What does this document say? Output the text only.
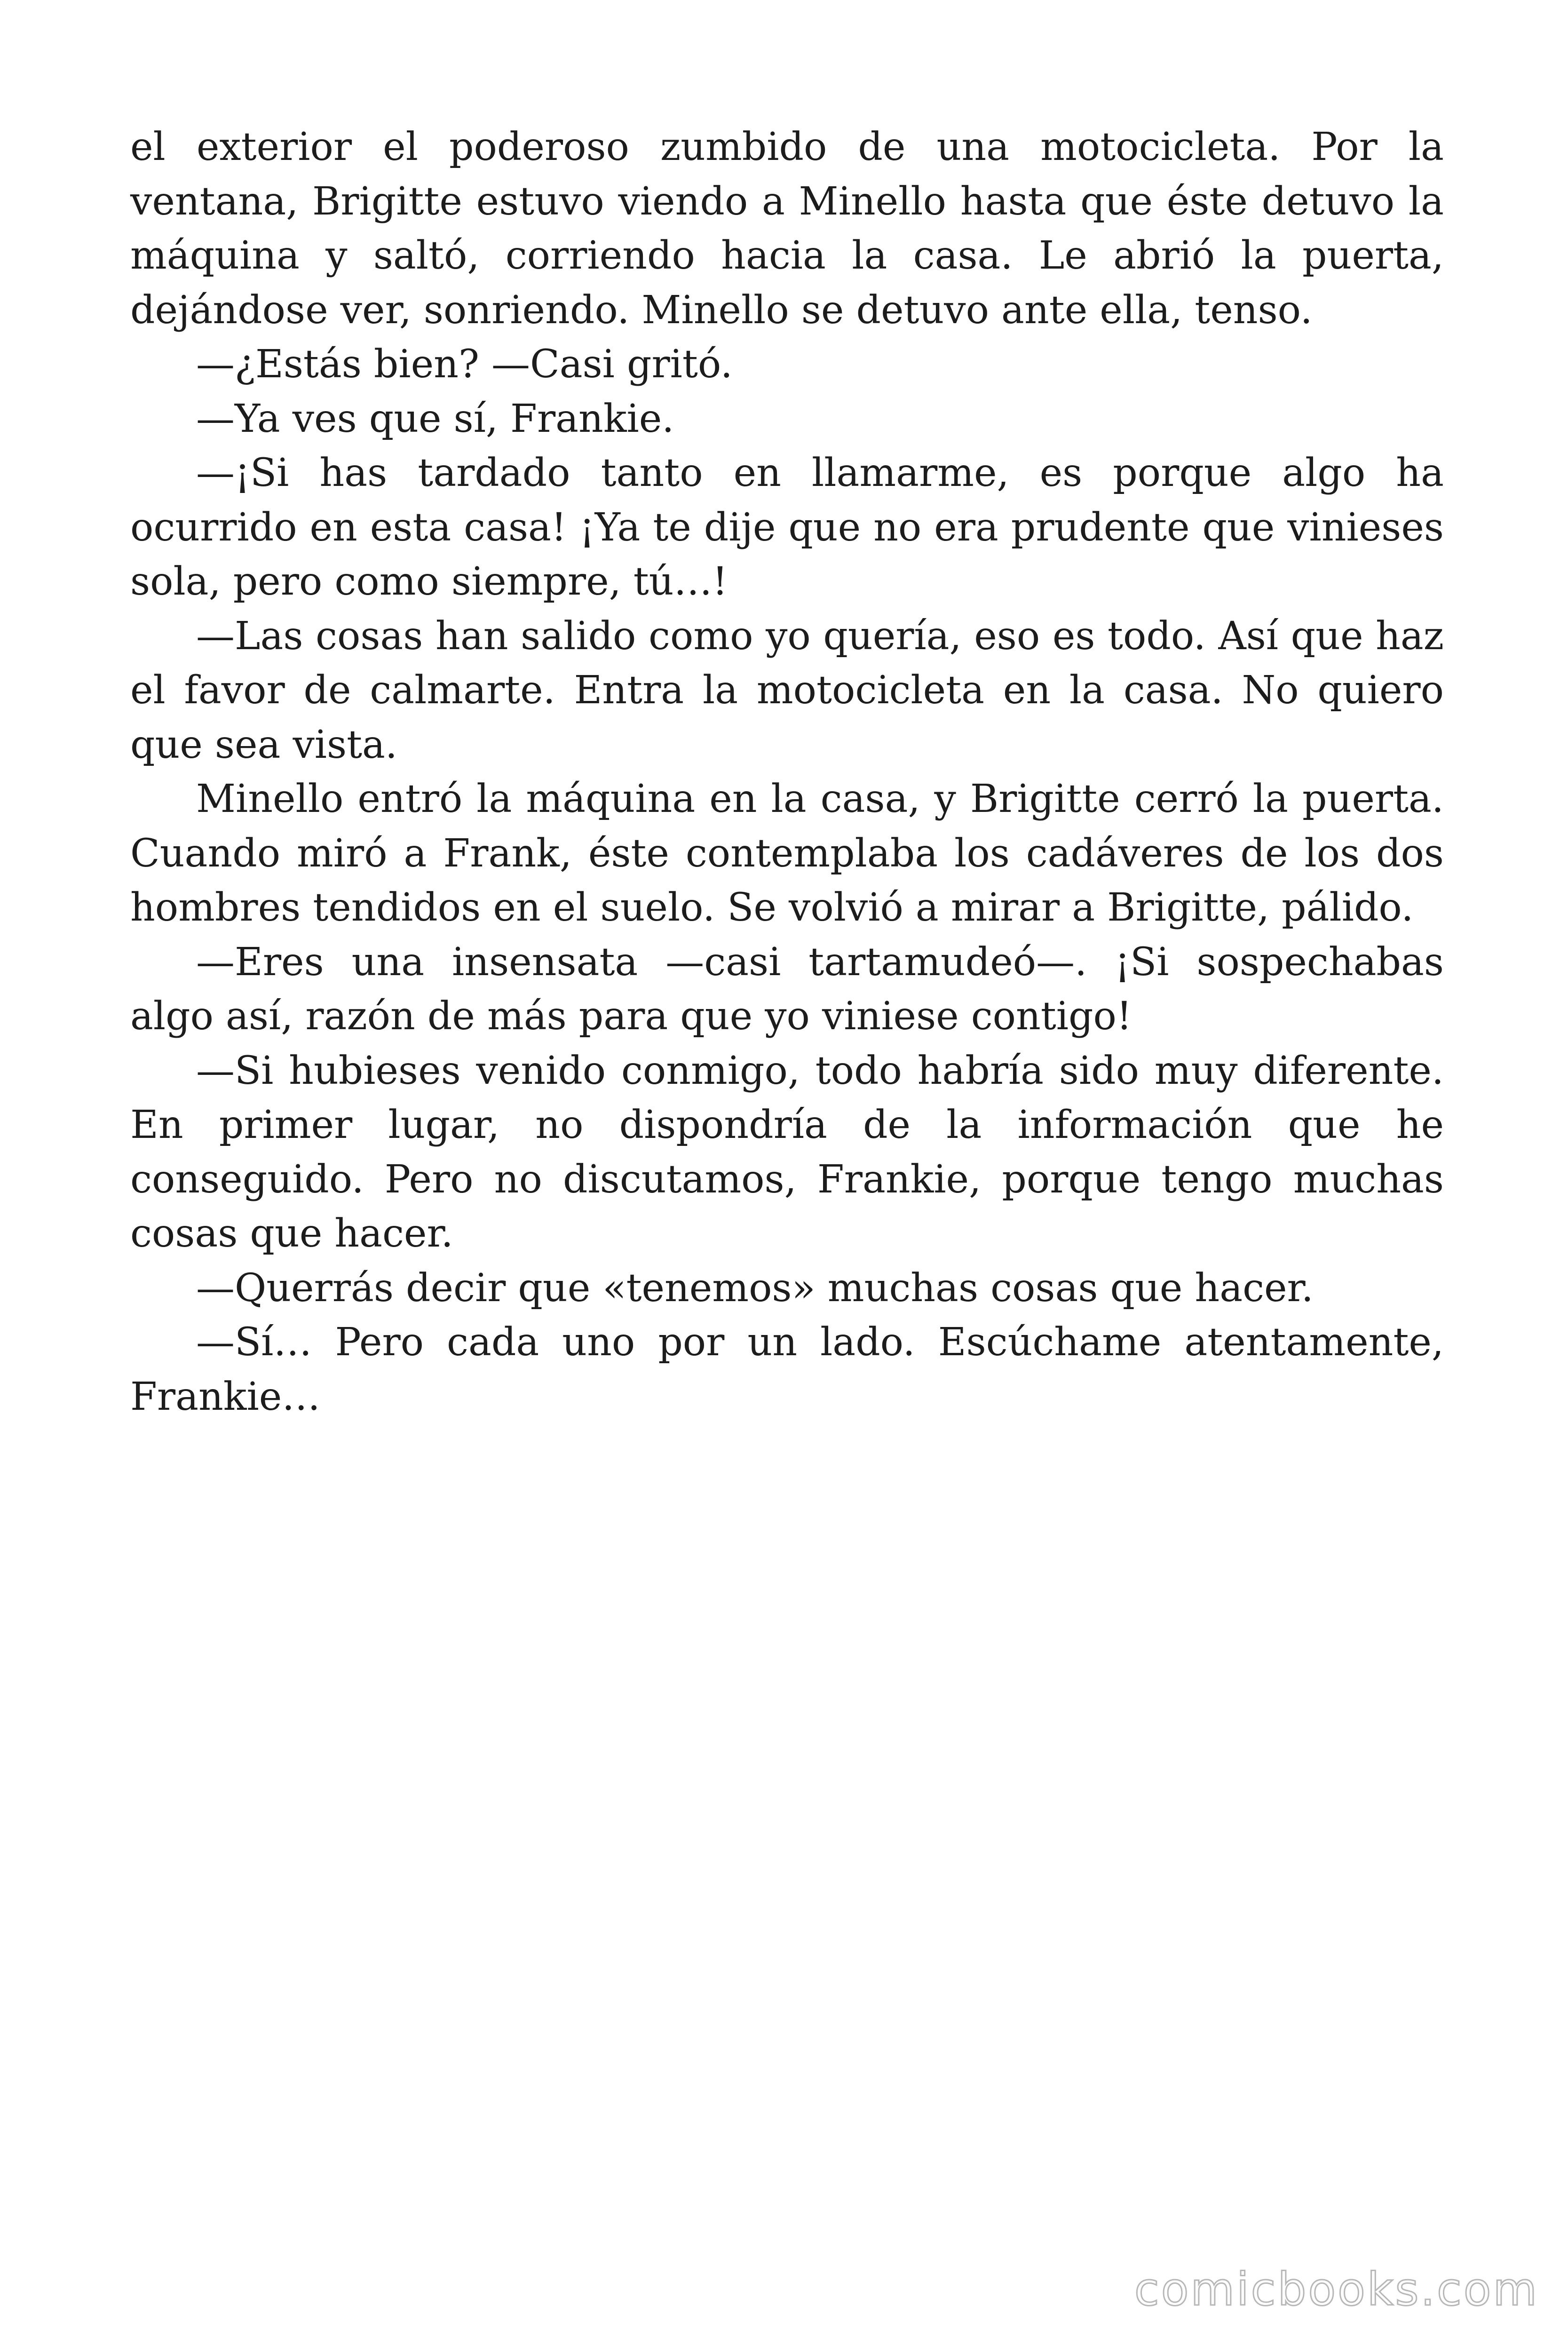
el exterior el poderoso zumbido de una motocicleta. Por la ventana, Brigitte estuvo viendo a Minello hasta que éste detuvo la máquina y saltó, corriendo hacia la casa. Le abrió la puerta, dejándose ver, sonriendo. Minello se detuvo ante ella, tenso.

—¿Estás bien? —Casi gritó.

—Ya ves que sí, Frankie.

—¡Si has tardado tanto en llamarme, es porque algo ha ocurrido en esta casa! ¡Ya te dije que no era prudente que vinieses sola, pero como siempre, tú…!

—Las cosas han salido como yo quería, eso es todo. Así que haz el favor de calmarte. Entra la motocicleta en la casa. No quiero que sea vista.

Minello entró la máquina en la casa, y Brigitte cerró la puerta. Cuando miró a Frank, éste contemplaba los cadáveres de los dos hombres tendidos en el suelo. Se volvió a mirar a Brigitte, pálido.

—Eres una insensata —casi tartamudeó—. ¡Si sospechabas algo así, razón de más para que yo viniese contigo!

—Si hubieses venido conmigo, todo habría sido muy diferente. En primer lugar, no dispondría de la información que he conseguido. Pero no discutamos, Frankie, porque tengo muchas cosas que hacer.

—Querrás decir que «tenemos» muchas cosas que hacer.

—Sí… Pero cada uno por un lado. Escúchame atentamente, Frankie…

comicbooks.com
